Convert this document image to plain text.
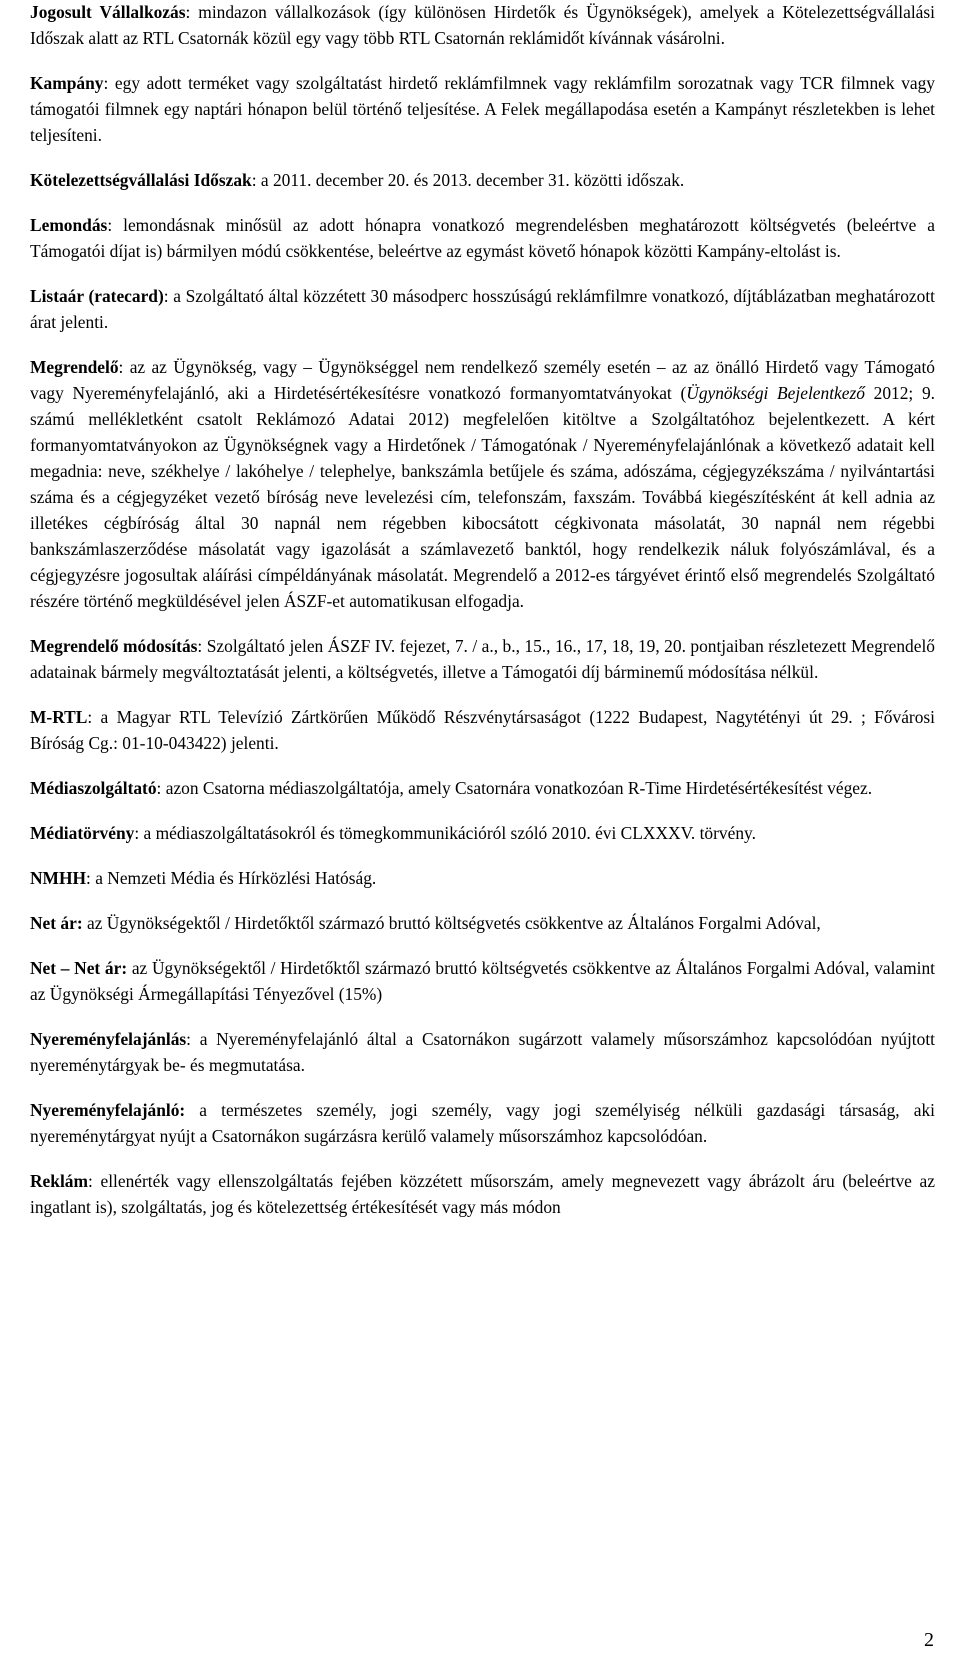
Jogosult Vállalkozás: mindazon vállalkozások (így különösen Hirdetők és Ügynökségek), amelyek a Kötelezettségvállalási Időszak alatt az RTL Csatornák közül egy vagy több RTL Csatornán reklámidőt kívánnak vásárolni.

Kampány: egy adott terméket vagy szolgáltatást hirdető reklámfilmnek vagy reklámfilm sorozatnak vagy TCR filmnek vagy támogatói filmnek egy naptári hónapon belül történő teljesítése. A Felek megállapodása esetén a Kampányt részletekben is lehet teljesíteni.

Kötelezettségvállalási Időszak: a 2011. december 20. és 2013. december 31. közötti időszak.

Lemondás: lemondásnak minősül az adott hónapra vonatkozó megrendelésben meghatározott költségvetés (beleértve a Támogatói díjat is) bármilyen módú csökkentése, beleértve az egymást követő hónapok közötti Kampány-eltolást is.

Listaár (ratecard): a Szolgáltató által közzétett 30 másodperc hosszúságú reklámfilmre vonatkozó, díjtáblázatban meghatározott árat jelenti.

Megrendelő: az az Ügynökség, vagy – Ügynökséggel nem rendelkező személy esetén – az az önálló Hirdető vagy Támogató vagy Nyereményfelajánló, aki a Hirdetésértékesítésre vonatkozó formanyomtatványokat (Ügynökségi Bejelentkező 2012; 9. számú mellékletként csatolt Reklámozó Adatai 2012) megfelelően kitöltve a Szolgáltatóhoz bejelentkezett. A kért formanyomtatványokon az Ügynökségnek vagy a Hirdetőnek / Támogatónak / Nyereményfelajánlónak a következő adatait kell megadnia: neve, székhelye / lakóhelye / telephelye, bankszámla betűjele és száma, adószáma, cégjegyzékszáma / nyilvántartási száma és a cégjegyzéket vezető bíróság neve levelezési cím, telefonszám, faxszám. Továbbá kiegészítésként át kell adnia az illetékes cégbíróság által 30 napnál nem régebben kibocsátott cégkivonata másolatát, 30 napnál nem régebbi bankszámlaszerződése másolatát vagy igazolását a számlavezető banktól, hogy rendelkezik náluk folyószámlával, és a cégjegyzésre jogosultak aláírási címpéldányának másolatát. Megrendelő a 2012-es tárgyévet érintő első megrendelés Szolgáltató részére történő megküldésével jelen ÁSZF-et automatikusan elfogadja.

Megrendelő módosítás: Szolgáltató jelen ÁSZF IV. fejezet, 7. / a., b., 15., 16., 17, 18, 19, 20. pontjaiban részletezett Megrendelő adatainak bármely megváltoztatását jelenti, a költségvetés, illetve a Támogatói díj bárminemű módosítása nélkül.

M-RTL: a Magyar RTL Televízió Zártkörűen Működő Részvénytársaságot (1222 Budapest, Nagytétényi út 29. ; Fővárosi Bíróság Cg.: 01-10-043422) jelenti.

Médiaszolgáltató: azon Csatorna médiaszolgáltatója, amely Csatornára vonatkozóan R-Time Hirdetésértékesítést végez.

Médiatörvény: a médiaszolgáltatásokról és tömegkommunikációról szóló 2010. évi CLXXXV. törvény.

NMHH: a Nemzeti Média és Hírközlési Hatóság.

Net ár: az Ügynökségektől / Hirdetőktől származó bruttó költségvetés csökkentve az Általános Forgalmi Adóval,

Net – Net ár: az Ügynökségektől / Hirdetőktől származó bruttó költségvetés csökkentve az Általános Forgalmi Adóval, valamint az Ügynökségi Ármegállapítási Tényezővel (15%)

Nyereményfelajánlás: a Nyereményfelajánló által a Csatornákon sugárzott valamely műsorszámhoz kapcsolódóan nyújtott nyereménytárgyak be- és megmutatása.

Nyereményfelajánló: a természetes személy, jogi személy, vagy jogi személyiség nélküli gazdasági társaság, aki nyereménytárgyat nyújt a Csatornákon sugárzásra kerülő valamely műsorszámhoz kapcsolódóan.

Reklám: ellenérték vagy ellenszolgáltatás fejében közzétett műsorszám, amely megnevezett vagy ábrázolt áru (beleértve az ingatlant is), szolgáltatás, jog és kötelezettség értékesítését vagy más módon

2
